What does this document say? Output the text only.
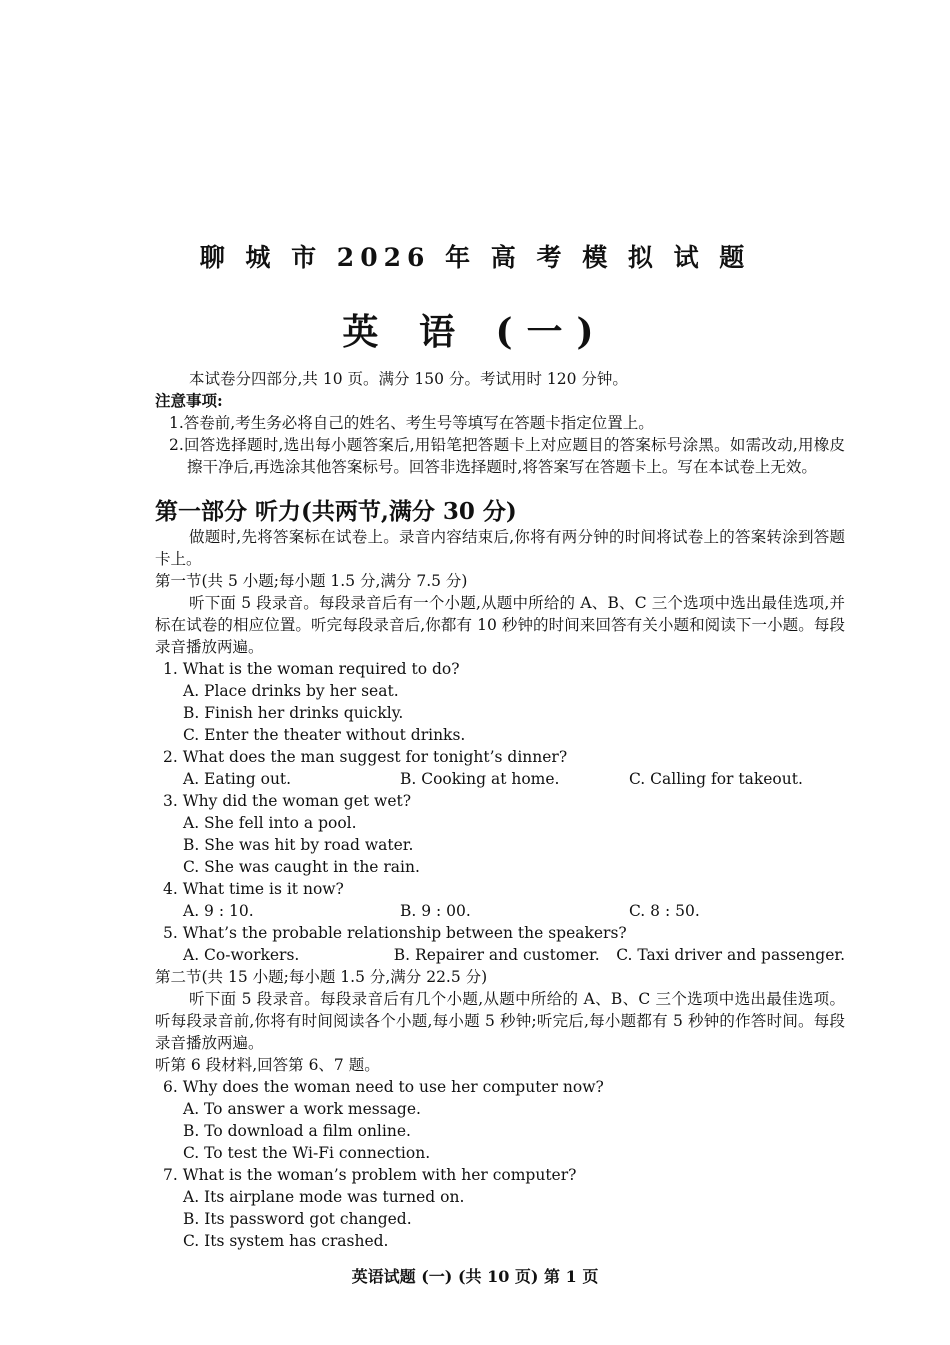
聊 城 市 2026 年 高 考 模 拟 试 题
英 语 (一)
本试卷分四部分,共 10 页。满分 150 分。考试用时 120 分钟。
注意事项:
1.答卷前,考生务必将自己的姓名、考生号等填写在答题卡指定位置上。
2.回答选择题时,选出每小题答案后,用铅笔把答题卡上对应题目的答案标号涂黑。如需改动,用橡皮擦干净后,再选涂其他答案标号。回答非选择题时,将答案写在答题卡上。写在本试卷上无效。
第一部分 听力(共两节,满分 30 分)
做题时,先将答案标在试卷上。录音内容结束后,你将有两分钟的时间将试卷上的答案转涂到答题卡上。
第一节(共 5 小题;每小题 1.5 分,满分 7.5 分)
听下面 5 段录音。每段录音后有一个小题,从题中所给的 A、B、C 三个选项中选出最佳选项,并标在试卷的相应位置。听完每段录音后,你都有 10 秒钟的时间来回答有关小题和阅读下一小题。每段录音播放两遍。
1. What is the woman required to do?
A. Place drinks by her seat.
B. Finish her drinks quickly.
C. Enter the theater without drinks.
2. What does the man suggest for tonight’s dinner?
A. Eating out.	B. Cooking at home.	C. Calling for takeout.
3. Why did the woman get wet?
A. She fell into a pool.
B. She was hit by road water.
C. She was caught in the rain.
4. What time is it now?
A. 9 : 10.	B. 9 : 00.	C. 8 : 50.
5. What’s the probable relationship between the speakers?
A. Co-workers.	B. Repairer and customer.	C. Taxi driver and passenger.
第二节(共 15 小题;每小题 1.5 分,满分 22.5 分)
听下面 5 段录音。每段录音后有几个小题,从题中所给的 A、B、C 三个选项中选出最佳选项。听每段录音前,你将有时间阅读各个小题,每小题 5 秒钟;听完后,每小题都有 5 秒钟的作答时间。每段录音播放两遍。
听第 6 段材料,回答第 6、7 题。
6. Why does the woman need to use her computer now?
A. To answer a work message.
B. To download a film online.
C. To test the Wi-Fi connection.
7. What is the woman’s problem with her computer?
A. Its airplane mode was turned on.
B. Its password got changed.
C. Its system has crashed.
英语试题 (一) (共 10 页) 第 1 页
